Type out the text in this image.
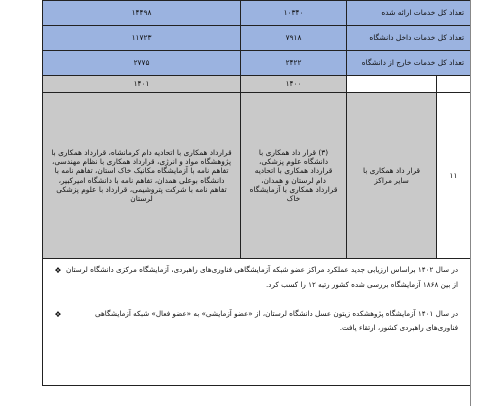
تعداد کل خدمات ارائه شده		۱۰۳۴۰	۱۴۴۹۸
تعداد کل خدمات داخل دانشگاه		۷۹۱۸	۱۱۷۲۳
تعداد کل خدمات خارج از دانشگاه		۲۴۲۲	۲۷۷۵
		۱۴۰۰	۱۴۰۱
۱۱	قرار داد همکاری با سایر مراکز	(۳) قرار داد همکاری با دانشگاه علوم پزشکی، قرارداد همکاری با اتحادیه دام لرستان و همدان، قرارداد همکاری با آزمایشگاه خاک	قرارداد همکاری با اتحادیه دام کرمانشاه، قرارداد همکاری با پژوهشگاه مواد و انرژی، قرارداد همکاری با نظام مهندسی، تفاهم نامه با آزمایشگاه مکانیک خاک استان، تفاهم نامه با دانشگاه بوعلی همدان، تفاهم نامه با دانشگاه امیرکبیر، تفاهم نامه با شرکت پتروشیمی، قرارداد با علوم پزشکی لرستان

❖ در سال ۱۴۰۲ براساس ارزیابی جدید عملکرد مراکز عضو شبکه آزمایشگاهی فناوری‌های راهبردی، آزمایشگاه مرکزی دانشگاه لرستان از بین ۱۸۶۸ آزمایشگاه بررسی شده کشور رتبه ۱۲ را کسب کرد.
❖ در سال ۱۴۰۱ آزمایشگاه پژوهشکده زیتون عسل دانشگاه لرستان، از «عضو آزمایشی» به «عضو فعال» شبکه آزمایشگاهی فناوری‌های راهبردی کشور، ارتقاء یافت.			
